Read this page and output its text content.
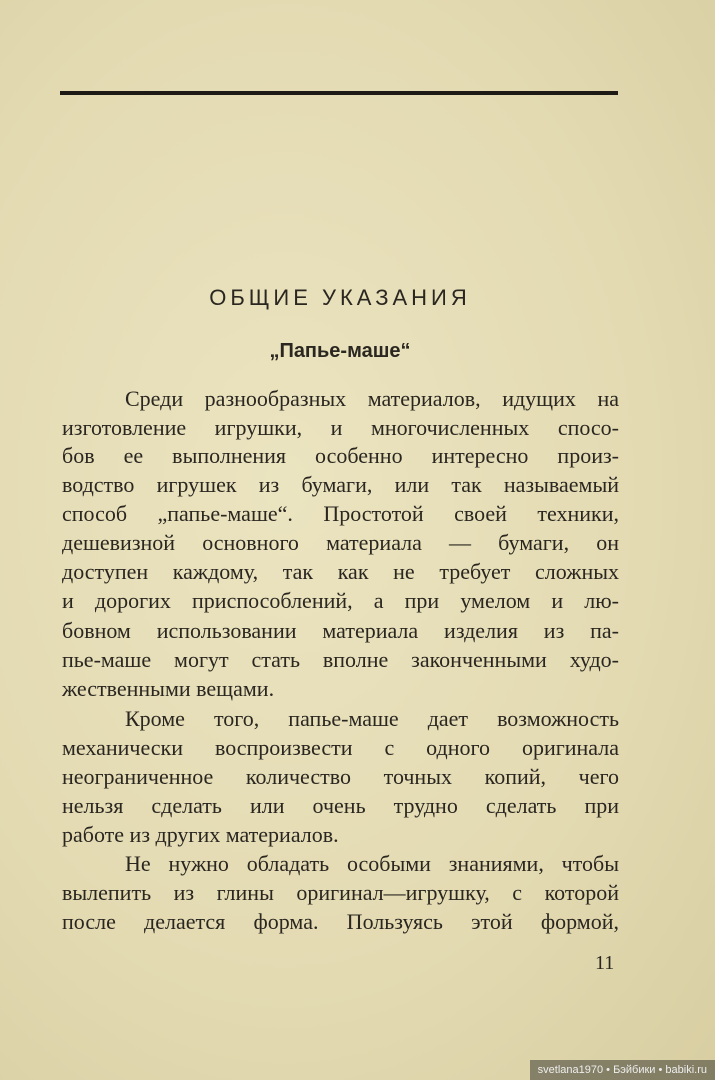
ОБЩИЕ УКАЗАНИЯ
„Папье-маше“
Среди разнообразных материалов, идущих на
изготовление игрушки, и многочисленных спосо-
бов ее выполнения особенно интересно произ-
водство игрушек из бумаги, или так называемый
способ „папье-маше“. Простотой своей техники,
дешевизной основного материала — бумаги, он
доступен каждому, так как не требует сложных
и дорогих приспособлений, а при умелом и лю-
бовном использовании материала изделия из па-
пье-маше могут стать вполне законченными худо-
жественными вещами.
Кроме того, папье-маше дает возможность
механически воспроизвести с одного оригинала
неограниченное количество точных копий, чего
нельзя сделать или очень трудно сделать при
работе из других материалов.
Не нужно обладать особыми знаниями, чтобы
вылепить из глины оригинал—игрушку, с которой
после делается форма. Пользуясь этой формой,
11
svetlana1970 • Бэйбики • babiki.ru
